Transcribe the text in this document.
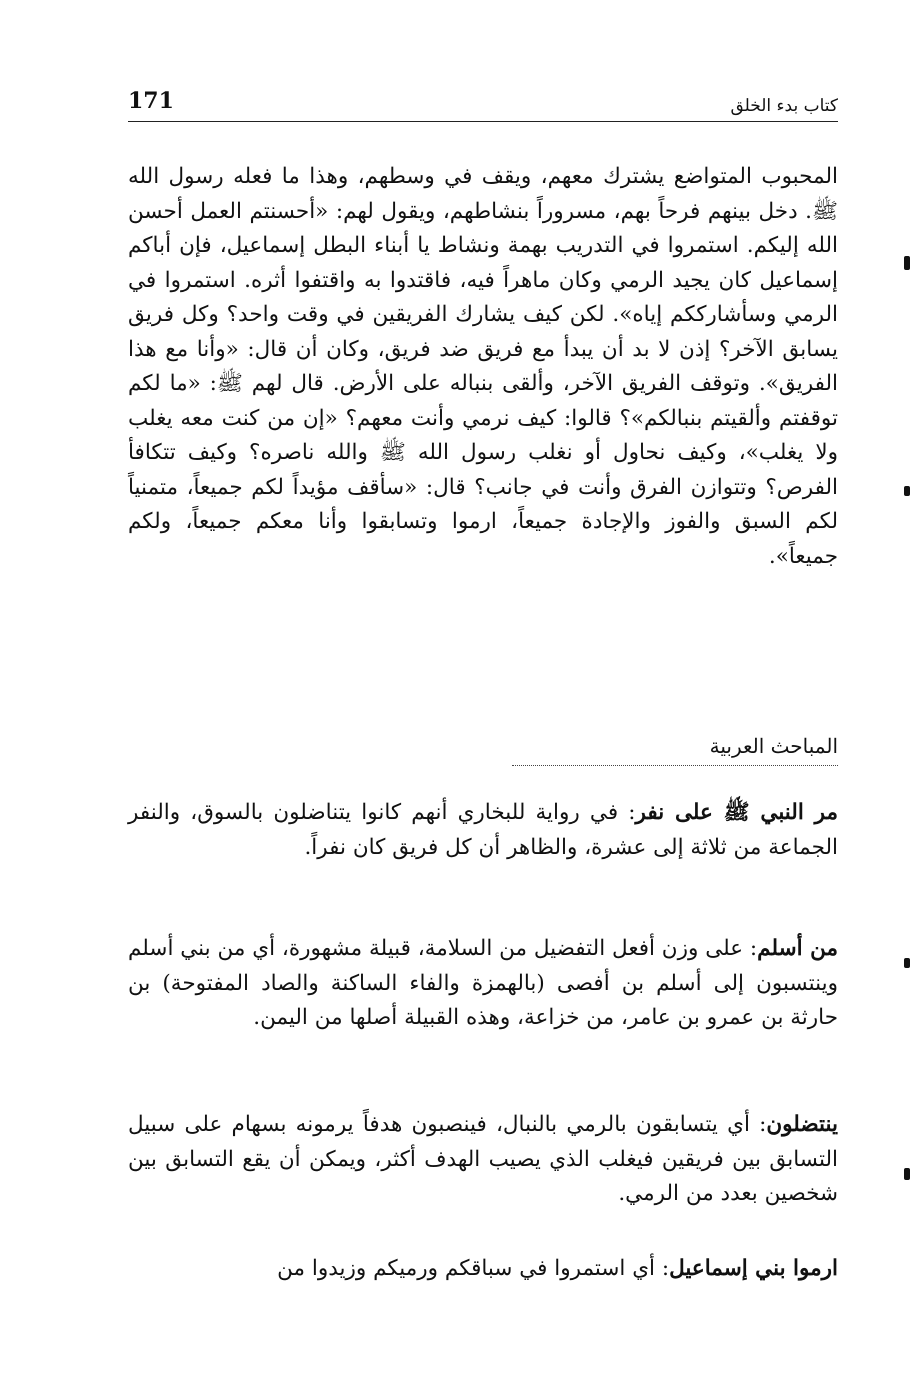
كتاب بدء الخلق
171

المحبوب المتواضع يشترك معهم، ويقف في وسطهم، وهذا ما فعله رسول الله ﷺ. دخل بينهم فرحاً بهم، مسروراً بنشاطهم، ويقول لهم: «أحسنتم العمل أحسن الله إليكم. استمروا في التدريب بهمة ونشاط يا أبناء البطل إسماعيل، فإن أباكم إسماعيل كان يجيد الرمي وكان ماهراً فيه، فاقتدوا به واقتفوا أثره. استمروا في الرمي وسأشارككم إياه». لكن كيف يشارك الفريقين في وقت واحد؟ وكل فريق يسابق الآخر؟ إذن لا بد أن يبدأ مع فريق ضد فريق، وكان أن قال: «وأنا مع هذا الفريق». وتوقف الفريق الآخر، وألقى بنباله على الأرض. قال لهم ﷺ: «ما لكم توقفتم وألقيتم بنبالكم»؟ قالوا: كيف نرمي وأنت معهم؟ «إن من كنت معه يغلب ولا يغلب»، وكيف نحاول أو نغلب رسول الله ﷺ والله ناصره؟ وكيف تتكافأ الفرص؟ وتتوازن الفرق وأنت في جانب؟ قال: «سأقف مؤيداً لكم جميعاً، متمنياً لكم السبق والفوز والإجادة جميعاً، ارموا وتسابقوا وأنا معكم جميعاً، ولكم جميعاً».

المباحث العربية

مر النبي ﷺ على نفر: في رواية للبخاري أنهم كانوا يتناضلون بالسوق، والنفر الجماعة من ثلاثة إلى عشرة، والظاهر أن كل فريق كان نفراً.

من أسلم: على وزن أفعل التفضيل من السلامة، قبيلة مشهورة، أي من بني أسلم وينتسبون إلى أسلم بن أفصى (بالهمزة والفاء الساكنة والصاد المفتوحة) بن حارثة بن عمرو بن عامر، من خزاعة، وهذه القبيلة أصلها من اليمن.

ينتضلون: أي يتسابقون بالرمي بالنبال، فينصبون هدفاً يرمونه بسهام على سبيل التسابق بين فريقين فيغلب الذي يصيب الهدف أكثر، ويمكن أن يقع التسابق بين شخصين بعدد من الرمي.

ارموا بني إسماعيل: أي استمروا في سباقكم ورميكم وزيدوا من
